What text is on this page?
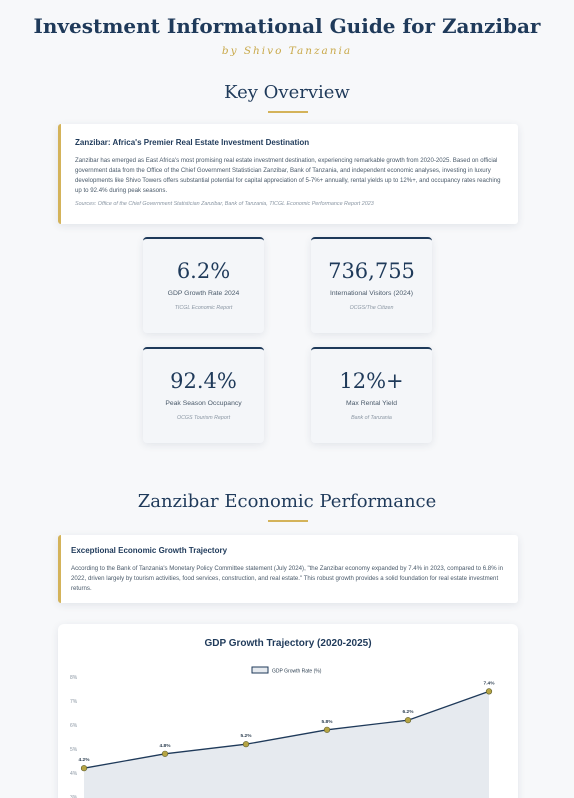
Investment Informational Guide for Zanzibar
by Shivo Tanzania
Key Overview
Zanzibar: Africa's Premier Real Estate Investment Destination
Zanzibar has emerged as East Africa's most promising real estate investment destination, experiencing remarkable growth from 2020-2025. Based on official government data from the Office of the Chief Government Statistician Zanzibar, Bank of Tanzania, and independent economic analyses, investing in luxury developments like Shivo Towers offers substantial potential for capital appreciation of 5-7%+ annually, rental yields up to 12%+, and occupancy rates reaching up to 92.4% during peak seasons.
Sources: Office of the Chief Government Statistician Zanzibar, Bank of Tanzania, TICGL Economic Performance Report 2023
6.2%
GDP Growth Rate 2024
TICGL Economic Report
736,755
International Visitors (2024)
OCGS/The Citizen
92.4%
Peak Season Occupancy
OCGS Tourism Report
12%+
Max Rental Yield
Bank of Tanzania
Zanzibar Economic Performance
Exceptional Economic Growth Trajectory
According to the Bank of Tanzania's Monetary Policy Committee statement (July 2024), "the Zanzibar economy expanded by 7.4% in 2023, compared to 6.8% in 2022, driven largely by tourism activities, food services, construction, and real estate." This robust growth provides a solid foundation for real estate investment returns.
GDP Growth Trajectory (2020-2025)
GDP Growth Rate (%)
8%
7%
6%
5%
4%
3%
4.2%
4.8%
5.2%
5.8%
6.2%
7.4%
